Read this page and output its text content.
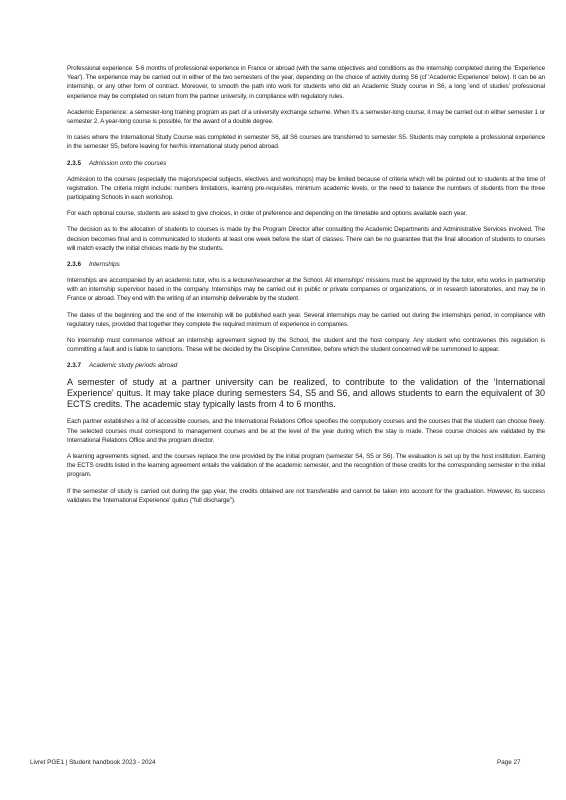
Professional experience: 5-6 months of professional experience in France or abroad (with the same objectives and conditions as the internship completed during the 'Experience Year'). The experience may be carried out in either of the two semesters of the year, depending on the choice of activity during S6 (cf 'Academic Experience' below). It can be an internship, or any other form of contract. Moreover, to smooth the path into work for students who did an Academic Study course in S6, a long 'end of studies' professional experience may be completed on return from the partner university, in compliance with regulatory rules.

Academic Experience: a semester-long training program as part of a university exchange scheme. When it's a semester-long course, it may be carried out in either semester 1 or semester 2. A year-long course is possible, for the award of a double degree.

In cases where the International Study Course was completed in semester S6, all S6 courses are transferred to semester S5. Students may complete a professional experience in the semester S5, before leaving for her/his international study period abroad.

2.3.5 Admission onto the courses

Admission to the courses (especially the majors/special subjects, electives and workshops) may be limited because of criteria which will be pointed out to students at the time of registration. The criteria might include: numbers limitations, learning pre-requisites, minimum academic levels, or the need to balance the numbers of students from the three participating Schools in each workshop.

For each optional course, students are asked to give choices, in order of preference and depending on the timetable and options available each year.

The decision as to the allocation of students to courses is made by the Program Director after consulting the Academic Departments and Administrative Services involved. The decision becomes final and is communicated to students at least one week before the start of classes. There can be no guarantee that the final allocation of students to courses will match exactly the initial choices made by the students.

2.3.6 Internships

Internships are accompanied by an academic tutor, who is a lecturer/researcher at the School. All internships' missions must be approved by the tutor, who works in partnership with an internship supervisor based in the company. Internships may be carried out in public or private companies or organizations, or in research laboratories, and may be in France or abroad. They end with the writing of an internship deliverable by the student.

The dates of the beginning and the end of the internship will be published each year. Several internships may be carried out during the internships period, in compliance with regulatory rules, provided that together they complete the required minimum of experience in companies.

No internship must commence without an internship agreement signed by the School, the student and the host company. Any student who contravenes this regulation is committing a fault and is liable to sanctions. These will be decided by the Discipline Committee, before which the student concerned will be summoned to appear.

2.3.7 Academic study periods abroad

A semester of study at a partner university can be realized, to contribute to the validation of the 'International Experience' quitus. It may take place during semesters S4, S5 and S6, and allows students to earn the equivalent of 30 ECTS credits. The academic stay typically lasts from 4 to 6 months.

Each partner establishes a list of accessible courses, and the International Relations Office specifies the compulsory courses and the courses that the student can choose freely. The selected courses must correspond to management courses and be at the level of the year during which the stay is made. These course choices are validated by the International Relations Office and the program director.

A learning agreements signed, and the courses replace the one provided by the initial program (semester S4, S5 or S6). The evaluation is set up by the host institution. Earning the ECTS credits listed in the learning agreement entails the validation of the academic semester, and the recognition of these credits for the corresponding semester in the initial program.

If the semester of study is carried out during the gap year, the credits obtained are not transferable and cannot be taken into account for the graduation. However, its success validates the 'International Experience' quitus ("full discharge").

Livret PGE1 | Student handbook 2023 - 2024	Page 27
